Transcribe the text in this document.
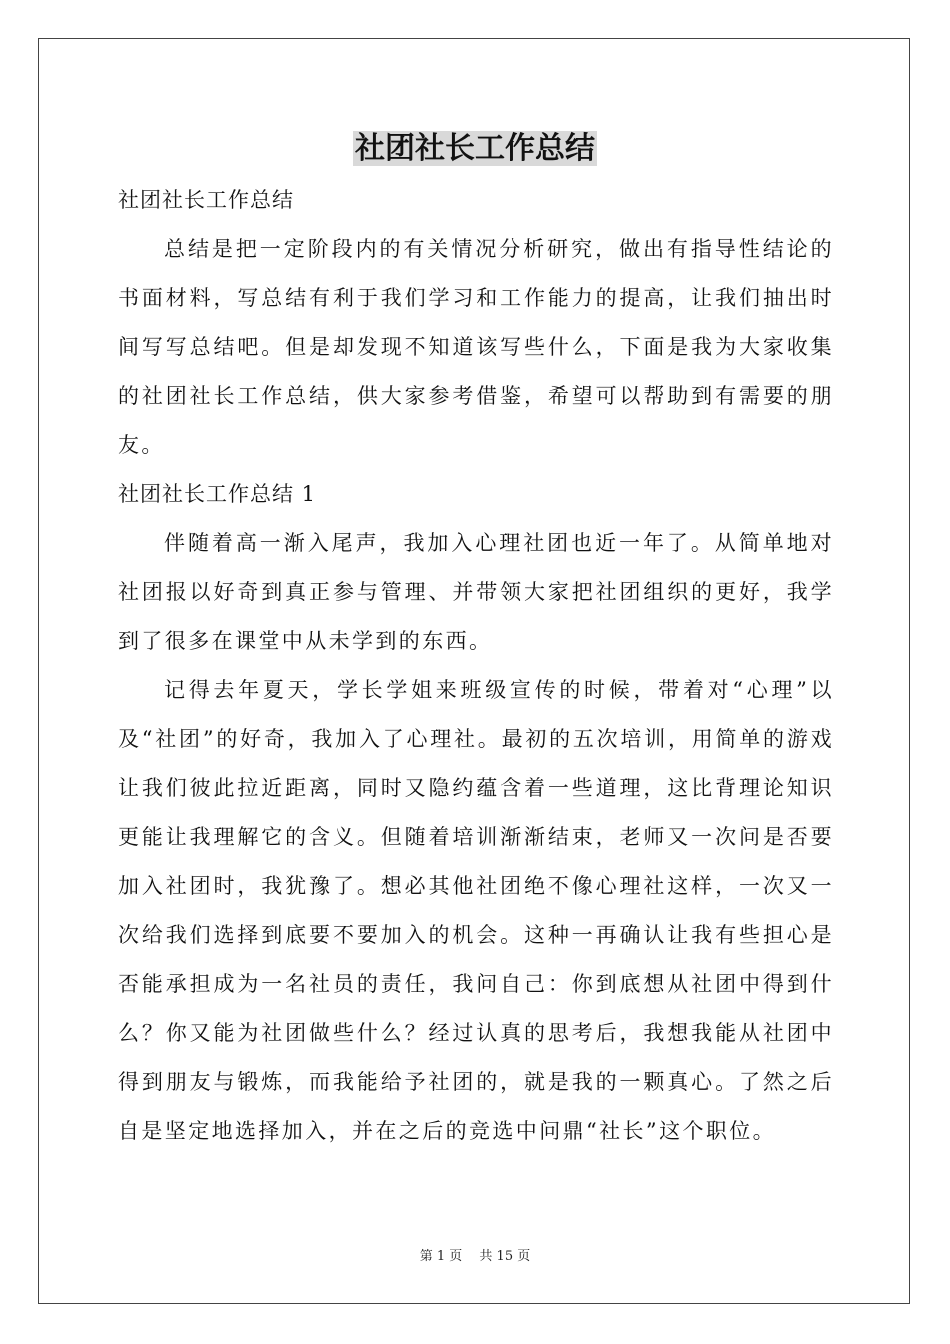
社团社长工作总结

社团社长工作总结

总结是把一定阶段内的有关情况分析研究，做出有指导性结论的书面材料，写总结有利于我们学习和工作能力的提高，让我们抽出时间写写总结吧。但是却发现不知道该写些什么，下面是我为大家收集的社团社长工作总结，供大家参考借鉴，希望可以帮助到有需要的朋友。

社团社长工作总结 1

伴随着高一渐入尾声，我加入心理社团也近一年了。从简单地对社团报以好奇到真正参与管理、并带领大家把社团组织的更好，我学到了很多在课堂中从未学到的东西。

记得去年夏天，学长学姐来班级宣传的时候，带着对“心理”以及“社团”的好奇，我加入了心理社。最初的五次培训，用简单的游戏让我们彼此拉近距离，同时又隐约蕴含着一些道理，这比背理论知识更能让我理解它的含义。但随着培训渐渐结束，老师又一次问是否要加入社团时，我犹豫了。想必其他社团绝不像心理社这样，一次又一次给我们选择到底要不要加入的机会。这种一再确认让我有些担心是否能承担成为一名社员的责任，我问自己：你到底想从社团中得到什么？你又能为社团做些什么？经过认真的思考后，我想我能从社团中得到朋友与锻炼，而我能给予社团的，就是我的一颗真心。了然之后自是坚定地选择加入，并在之后的竞选中问鼎“社长”这个职位。

第 1 页　 共 15 页
